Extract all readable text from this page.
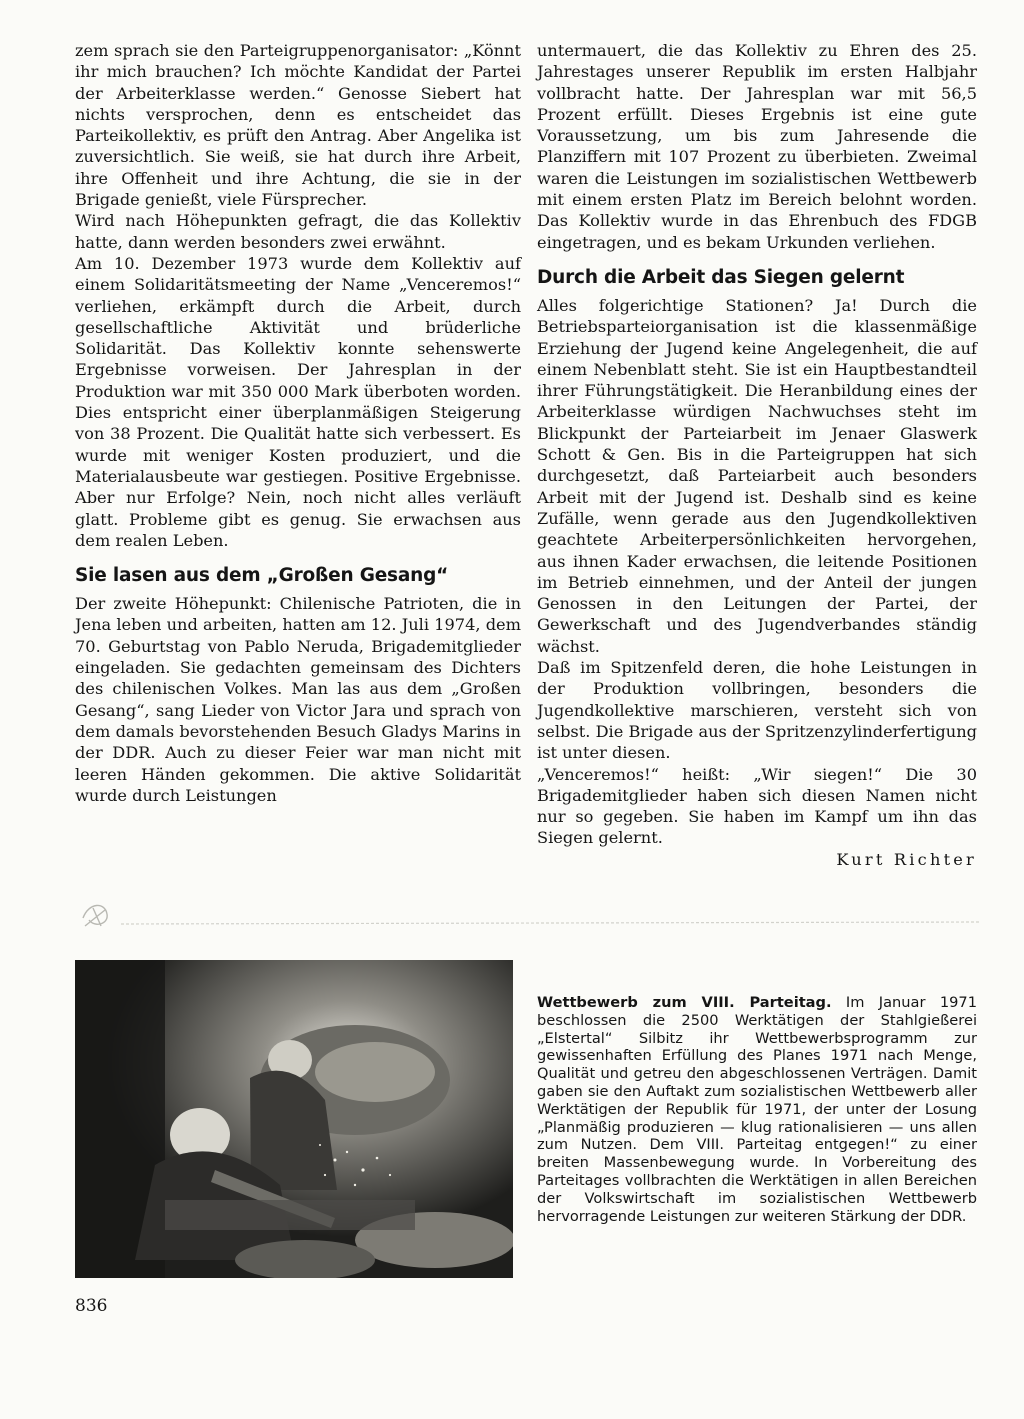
zem sprach sie den Parteigruppenorganisator: „Könnt ihr mich brauchen? Ich möchte Kandidat der Partei der Arbeiterklasse werden.“ Genosse Siebert hat nichts versprochen, denn es entscheidet das Parteikollektiv, es prüft den Antrag. Aber Angelika ist zuversichtlich. Sie weiß, sie hat durch ihre Arbeit, ihre Offenheit und ihre Achtung, die sie in der Brigade genießt, viele Fürsprecher.

Wird nach Höhepunkten gefragt, die das Kollektiv hatte, dann werden besonders zwei erwähnt.

Am 10. Dezember 1973 wurde dem Kollektiv auf einem Solidaritätsmeeting der Name „Venceremos!“ verliehen, erkämpft durch die Arbeit, durch gesellschaftliche Aktivität und brüderliche Solidarität. Das Kollektiv konnte sehenswerte Ergebnisse vorweisen. Der Jahresplan in der Produktion war mit 350 000 Mark überboten worden. Dies entspricht einer überplanmäßigen Steigerung von 38 Prozent. Die Qualität hatte sich verbessert. Es wurde mit weniger Kosten produziert, und die Materialausbeute war gestiegen. Positive Ergebnisse. Aber nur Erfolge? Nein, noch nicht alles verläuft glatt. Probleme gibt es genug. Sie erwachsen aus dem realen Leben.

Sie lasen aus dem „Großen Gesang“

Der zweite Höhepunkt: Chilenische Patrioten, die in Jena leben und arbeiten, hatten am 12. Juli 1974, dem 70. Geburtstag von Pablo Neruda, Brigademitglieder eingeladen. Sie gedachten gemeinsam des Dichters des chilenischen Volkes. Man las aus dem „Großen Gesang“, sang Lieder von Victor Jara und sprach von dem damals bevorstehenden Besuch Gladys Marins in der DDR. Auch zu dieser Feier war man nicht mit leeren Händen gekommen. Die aktive Solidarität wurde durch Leistungen

untermauert, die das Kollektiv zu Ehren des 25. Jahrestages unserer Republik im ersten Halbjahr vollbracht hatte. Der Jahresplan war mit 56,5 Prozent erfüllt. Dieses Ergebnis ist eine gute Voraussetzung, um bis zum Jahresende die Planziffern mit 107 Prozent zu überbieten. Zweimal waren die Leistungen im sozialistischen Wettbewerb mit einem ersten Platz im Bereich belohnt worden. Das Kollektiv wurde in das Ehrenbuch des FDGB eingetragen, und es bekam Urkunden verliehen.

Durch die Arbeit das Siegen gelernt

Alles folgerichtige Stationen? Ja! Durch die Betriebsparteiorganisation ist die klassenmäßige Erziehung der Jugend keine Angelegenheit, die auf einem Nebenblatt steht. Sie ist ein Hauptbestandteil ihrer Führungstätigkeit. Die Heranbildung eines der Arbeiterklasse würdigen Nachwuchses steht im Blickpunkt der Parteiarbeit im Jenaer Glaswerk Schott & Gen. Bis in die Parteigruppen hat sich durchgesetzt, daß Parteiarbeit auch besonders Arbeit mit der Jugend ist. Deshalb sind es keine Zufälle, wenn gerade aus den Jugendkollektiven geachtete Arbeiterpersönlichkeiten hervorgehen, aus ihnen Kader erwachsen, die leitende Positionen im Betrieb einnehmen, und der Anteil der jungen Genossen in den Leitungen der Partei, der Gewerkschaft und des Jugendverbandes ständig wächst.

Daß im Spitzenfeld deren, die hohe Leistungen in der Produktion vollbringen, besonders die Jugendkollektive marschieren, versteht sich von selbst. Die Brigade aus der Spritzenzylinderfertigung ist unter diesen.

„Venceremos!“ heißt: „Wir siegen!“ Die 30 Brigademitglieder haben sich diesen Namen nicht nur so gegeben. Sie haben im Kampf um ihn das Siegen gelernt.

Kurt Richter

Wettbewerb zum VIII. Parteitag. Im Januar 1971 beschlossen die 2500 Werktätigen der Stahlgießerei „Elstertal“ Silbitz ihr Wettbewerbsprogramm zur gewissenhaften Erfüllung des Planes 1971 nach Menge, Qualität und getreu den abgeschlossenen Verträgen. Damit gaben sie den Auftakt zum sozialistischen Wettbewerb aller Werktätigen der Republik für 1971, der unter der Losung „Planmäßig produzieren — klug rationalisieren — uns allen zum Nutzen. Dem VIII. Parteitag entgegen!“ zu einer breiten Massenbewegung wurde. In Vorbereitung des Parteitages vollbrachten die Werktätigen in allen Bereichen der Volkswirtschaft im sozialistischen Wettbewerb hervorragende Leistungen zur weiteren Stärkung der DDR.
836
